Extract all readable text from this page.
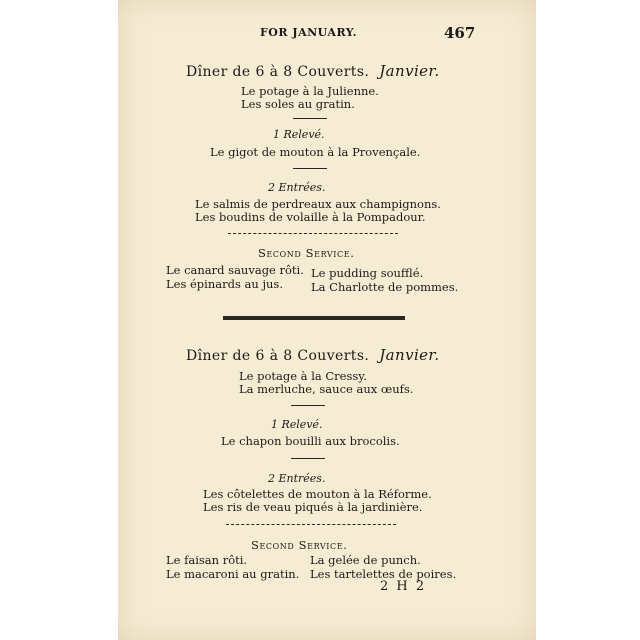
FOR JANUARY.	467
Dîner de 6 à 8 Couverts. Janvier.
Le potage à la Julienne.
Les soles au gratin.
1 Relevé.
Le gigot de mouton à la Provençale.
2 Entrées.
Le salmis de perdreaux aux champignons.
Les boudins de volaille à la Pompadour.
Second Service.
Le canard sauvage rôti.
Les épinards au jus.
Le pudding soufflé.
La Charlotte de pommes.
Dîner de 6 à 8 Couverts. Janvier.
Le potage à la Cressy.
La merluche, sauce aux œufs.
1 Relevé.
Le chapon bouilli aux brocolis.
2 Entrées.
Les côtelettes de mouton à la Réforme.
Les ris de veau piqués à la jardinière.
Second Service.
Le faisan rôti.
Le macaroni au gratin.
La gelée de punch.
Les tartelettes de poires.
2 H 2
